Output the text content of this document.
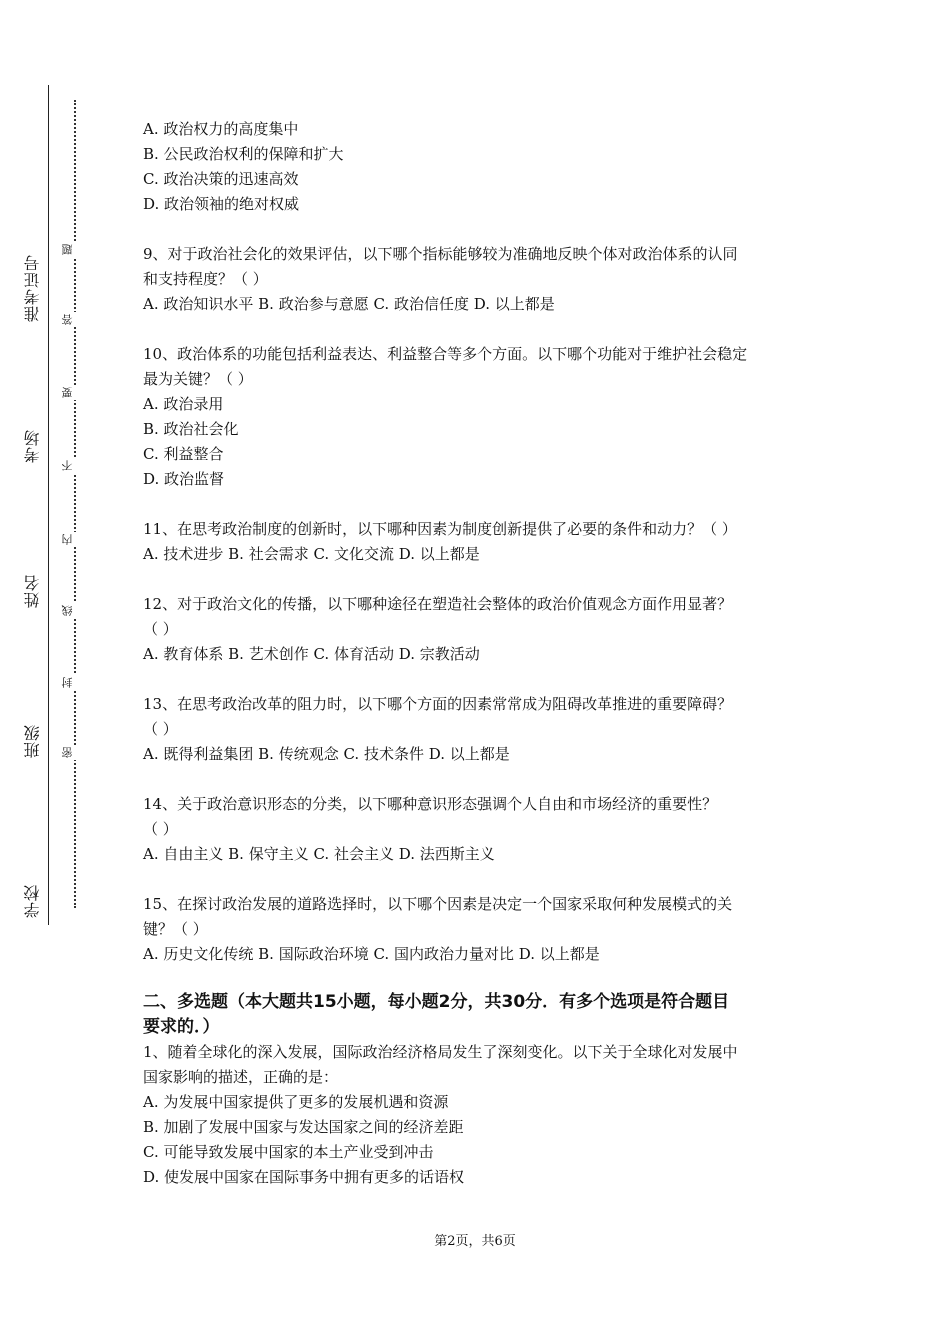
准考证号
考场
姓名
班级
学校
题
答
要
不
内
线
封
密
A. 政治权力的高度集中
B. 公民政治权利的保障和扩大
C. 政治决策的迅速高效
D. 政治领袖的绝对权威
9、对于政治社会化的效果评估，以下哪个指标能够较为准确地反映个体对政治体系的认同
和支持程度？（ ）
A. 政治知识水平 B. 政治参与意愿 C. 政治信任度 D. 以上都是
10、政治体系的功能包括利益表达、利益整合等多个方面。以下哪个功能对于维护社会稳定
最为关键？（ ）
A. 政治录用
B. 政治社会化
C. 利益整合
D. 政治监督
11、在思考政治制度的创新时，以下哪种因素为制度创新提供了必要的条件和动力？（ ）
A. 技术进步 B. 社会需求 C. 文化交流 D. 以上都是
12、对于政治文化的传播，以下哪种途径在塑造社会整体的政治价值观念方面作用显著？
（ ）
A. 教育体系 B. 艺术创作 C. 体育活动 D. 宗教活动
13、在思考政治改革的阻力时，以下哪个方面的因素常常成为阻碍改革推进的重要障碍？
（ ）
A. 既得利益集团 B. 传统观念 C. 技术条件 D. 以上都是
14、关于政治意识形态的分类，以下哪种意识形态强调个人自由和市场经济的重要性？
（ ）
A. 自由主义 B. 保守主义 C. 社会主义 D. 法西斯主义
15、在探讨政治发展的道路选择时，以下哪个因素是决定一个国家采取何种发展模式的关
键？（ ）
A. 历史文化传统 B. 国际政治环境 C. 国内政治力量对比 D. 以上都是
二、多选题（本大题共15小题，每小题2分，共30分．有多个选项是符合题目
要求的．）
1、随着全球化的深入发展，国际政治经济格局发生了深刻变化。以下关于全球化对发展中
国家影响的描述，正确的是：
A. 为发展中国家提供了更多的发展机遇和资源
B. 加剧了发展中国家与发达国家之间的经济差距
C. 可能导致发展中国家的本土产业受到冲击
D. 使发展中国家在国际事务中拥有更多的话语权
第2页，共6页
